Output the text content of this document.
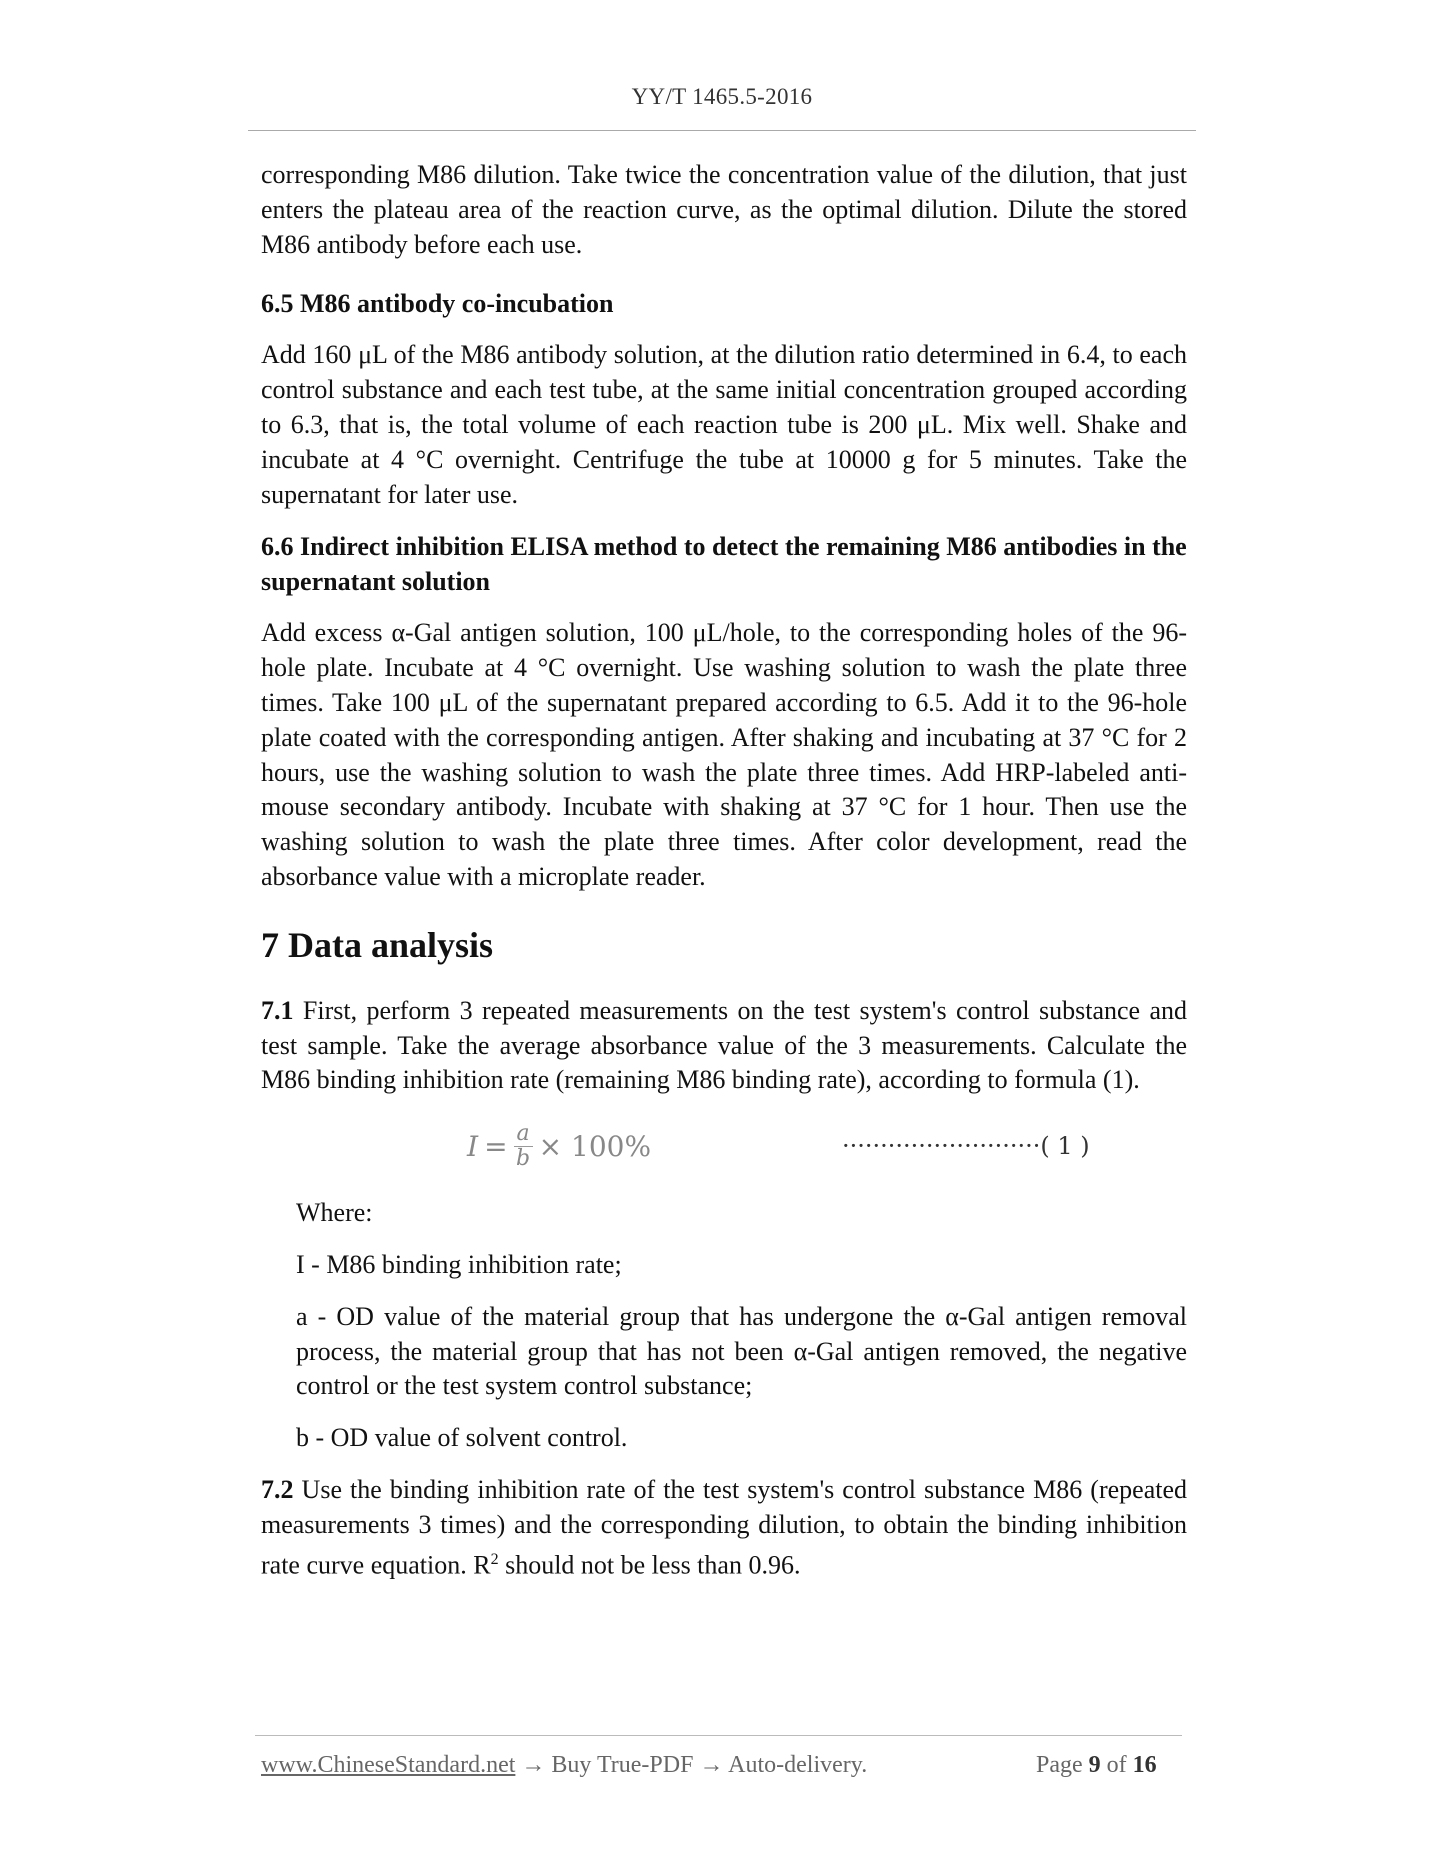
YY/T 1465.5-2016

corresponding M86 dilution. Take twice the concentration value of the dilution, that just enters the plateau area of the reaction curve, as the optimal dilution. Dilute the stored M86 antibody before each use.

6.5 M86 antibody co-incubation

Add 160 μL of the M86 antibody solution, at the dilution ratio determined in 6.4, to each control substance and each test tube, at the same initial concentration grouped according to 6.3, that is, the total volume of each reaction tube is 200 μL. Mix well. Shake and incubate at 4 °C overnight. Centrifuge the tube at 10000 g for 5 minutes. Take the supernatant for later use.

6.6 Indirect inhibition ELISA method to detect the remaining M86 antibodies in the supernatant solution

Add excess α-Gal antigen solution, 100 μL/hole, to the corresponding holes of the 96-hole plate. Incubate at 4 °C overnight. Use washing solution to wash the plate three times. Take 100 μL of the supernatant prepared according to 6.5. Add it to the 96-hole plate coated with the corresponding antigen. After shaking and incubating at 37 °C for 2 hours, use the washing solution to wash the plate three times. Add HRP-labeled anti-mouse secondary antibody. Incubate with shaking at 37 °C for 1 hour. Then use the washing solution to wash the plate three times. After color development, read the absorbance value with a microplate reader.

7 Data analysis

7.1 First, perform 3 repeated measurements on the test system's control substance and test sample. Take the average absorbance value of the 3 measurements. Calculate the M86 binding inhibition rate (remaining M86 binding rate), according to formula (1).

$I = \frac{a}{b} \times 100\%$	··························( 1 )

Where:

I - M86 binding inhibition rate;

a - OD value of the material group that has undergone the α-Gal antigen removal process, the material group that has not been α-Gal antigen removed, the negative control or the test system control substance;

b - OD value of solvent control.

7.2 Use the binding inhibition rate of the test system's control substance M86 (repeated measurements 3 times) and the corresponding dilution, to obtain the binding inhibition rate curve equation. $R^2$ should not be less than 0.96.

www.ChineseStandard.net → Buy True-PDF → Auto-delivery.	Page 9 of 16
